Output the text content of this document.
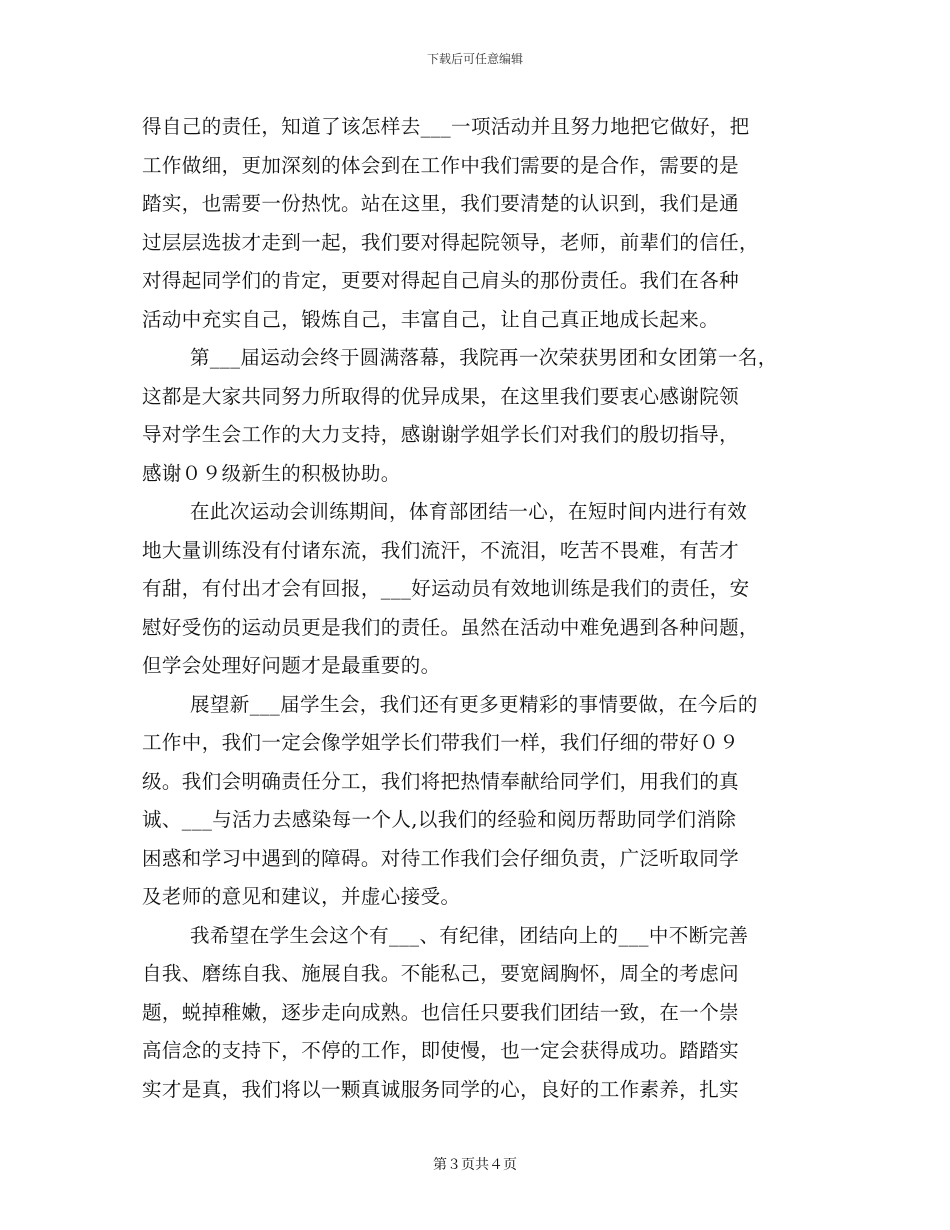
下载后可任意编辑
得自己的责任，知道了该怎样去___一项活动并且努力地把它做好，把
工作做细，更加深刻的体会到在工作中我们需要的是合作，需要的是
踏实，也需要一份热忱。站在这里，我们要清楚的认识到，我们是通
过层层选拔才走到一起，我们要对得起院领导，老师，前辈们的信任，
对得起同学们的肯定，更要对得起自己肩头的那份责任。我们在各种
活动中充实自己，锻炼自己，丰富自己，让自己真正地成长起来。
第___届运动会终于圆满落幕，我院再一次荣获男团和女团第一名，
这都是大家共同努力所取得的优异成果，在这里我们要衷心感谢院领
导对学生会工作的大力支持，感谢谢学姐学长们对我们的殷切指导，
感谢０９级新生的积极协助。
在此次运动会训练期间，体育部团结一心，在短时间内进行有效
地大量训练没有付诸东流，我们流汗，不流泪，吃苦不畏难，有苦才
有甜，有付出才会有回报，___好运动员有效地训练是我们的责任，安
慰好受伤的运动员更是我们的责任。虽然在活动中难免遇到各种问题，
但学会处理好问题才是最重要的。
展望新___届学生会，我们还有更多更精彩的事情要做，在今后的
工作中，我们一定会像学姐学长们带我们一样，我们仔细的带好０９
级。我们会明确责任分工，我们将把热情奉献给同学们，用我们的真
诚、___与活力去感染每一个人,以我们的经验和阅历帮助同学们消除
困惑和学习中遇到的障碍。对待工作我们会仔细负责，广泛听取同学
及老师的意见和建议，并虚心接受。
我希望在学生会这个有___、有纪律，团结向上的___中不断完善
自我、磨练自我、施展自我。不能私己，要宽阔胸怀，周全的考虑问
题，蜕掉稚嫩，逐步走向成熟。也信任只要我们团结一致，在一个崇
高信念的支持下，不停的工作，即使慢，也一定会获得成功。踏踏实
实才是真，我们将以一颗真诚服务同学的心，良好的工作素养，扎实
第３页共４页
